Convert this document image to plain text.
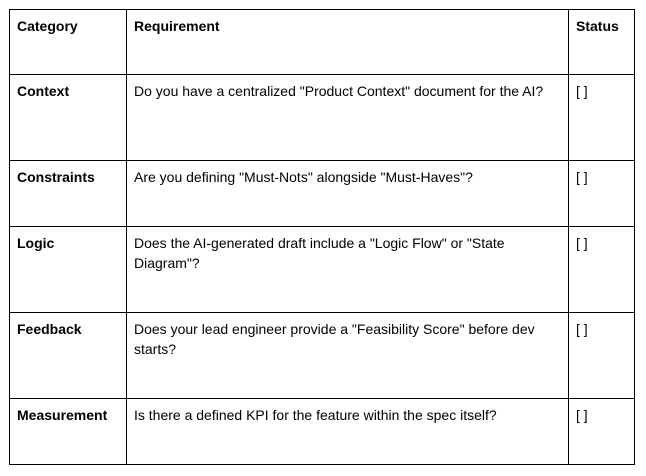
Category	Requirement	Status
Context	Do you have a centralized "Product Context" document for the AI?	[ ]
Constraints	Are you defining "Must-Nots" alongside "Must-Haves"?	[ ]
Logic	Does the AI-generated draft include a "Logic Flow" or "State Diagram"?	[ ]
Feedback	Does your lead engineer provide a "Feasibility Score" before dev starts?	[ ]
Measurement	Is there a defined KPI for the feature within the spec itself?	[ ]
